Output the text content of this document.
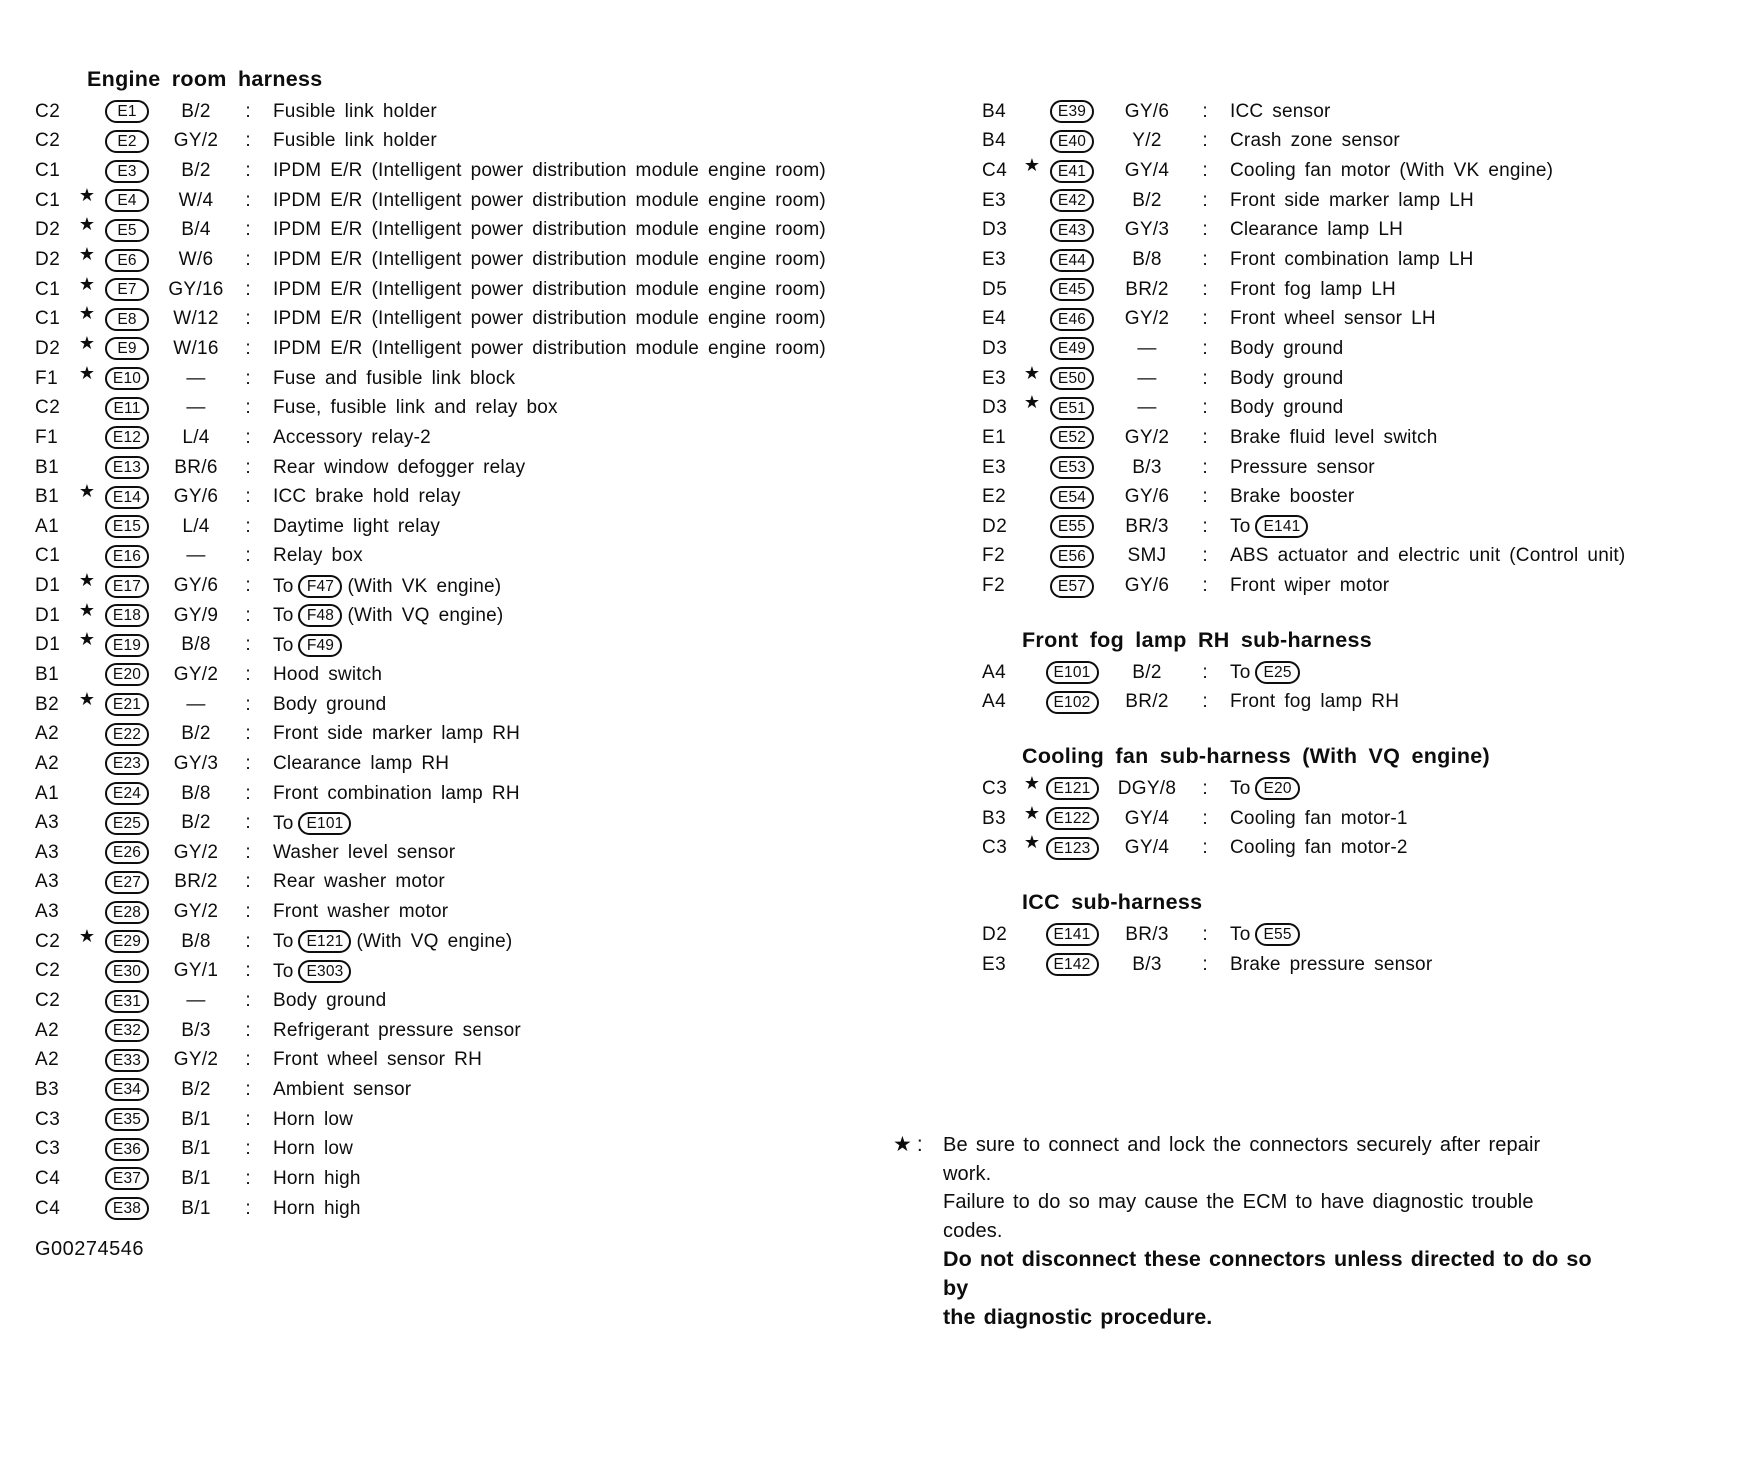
Engine room harness
C2	E1	B/2	:	Fusible link holder
C2	E2	GY/2	:	Fusible link holder
C1	E3	B/2	:	IPDM E/R (Intelligent power distribution module engine room)
C1	★	E4	W/4	:	IPDM E/R (Intelligent power distribution module engine room)
D2	★	E5	B/4	:	IPDM E/R (Intelligent power distribution module engine room)
D2	★	E6	W/6	:	IPDM E/R (Intelligent power distribution module engine room)
C1	★	E7	GY/16	:	IPDM E/R (Intelligent power distribution module engine room)
C1	★	E8	W/12	:	IPDM E/R (Intelligent power distribution module engine room)
D2	★	E9	W/16	:	IPDM E/R (Intelligent power distribution module engine room)
F1	★	E10	—	:	Fuse and fusible link block
C2	E11	—	:	Fuse, fusible link and relay box
F1	E12	L/4	:	Accessory relay-2
B1	E13	BR/6	:	Rear window defogger relay
B1	★	E14	GY/6	:	ICC brake hold relay
A1	E15	L/4	:	Daytime light relay
C1	E16	—	:	Relay box
D1	★	E17	GY/6	:	To F47 (With VK engine)
D1	★	E18	GY/9	:	To F48 (With VQ engine)
D1	★	E19	B/8	:	To F49
B1	E20	GY/2	:	Hood switch
B2	★	E21	—	:	Body ground
A2	E22	B/2	:	Front side marker lamp RH
A2	E23	GY/3	:	Clearance lamp RH
A1	E24	B/8	:	Front combination lamp RH
A3	E25	B/2	:	To E101
A3	E26	GY/2	:	Washer level sensor
A3	E27	BR/2	:	Rear washer motor
A3	E28	GY/2	:	Front washer motor
C2	★	E29	B/8	:	To E121 (With VQ engine)
C2	E30	GY/1	:	To E303
C2	E31	—	:	Body ground
A2	E32	B/3	:	Refrigerant pressure sensor
A2	E33	GY/2	:	Front wheel sensor RH
B3	E34	B/2	:	Ambient sensor
C3	E35	B/1	:	Horn low
C3	E36	B/1	:	Horn low
C4	E37	B/1	:	Horn high
C4	E38	B/1	:	Horn high
B4	E39	GY/6	:	ICC sensor
B4	E40	Y/2	:	Crash zone sensor
C4 ★	E41	GY/4	:	Cooling fan motor (With VK engine)
E3	E42	B/2	:	Front side marker lamp LH
D3	E43	GY/3	:	Clearance lamp LH
E3	E44	B/8	:	Front combination lamp LH
D5	E45	BR/2	:	Front fog lamp LH
E4	E46	GY/2	:	Front wheel sensor LH
D3	E49	—	:	Body ground
E3 ★	E50	—	:	Body ground
D3 ★	E51	—	:	Body ground
E1	E52	GY/2	:	Brake fluid level switch
E3	E53	B/3	:	Pressure sensor
E2	E54	GY/6	:	Brake booster
D2	E55	BR/3	:	To E141
F2	E56	SMJ	:	ABS actuator and electric unit (Control unit)
F2	E57	GY/6	:	Front wiper motor
Front fog lamp RH sub-harness
A4	E101	B/2	:	To E25
A4	E102	BR/2	:	Front fog lamp RH
Cooling fan sub-harness (With VQ engine)
C3 ★ E121	DGY/8	:	To E20
B3 ★ E122	GY/4	:	Cooling fan motor-1
C3 ★ E123	GY/4	:	Cooling fan motor-2
ICC sub-harness
D2	E141	BR/3	:	To E55
E3	E142	B/3	:	Brake pressure sensor
★ :	Be sure to connect and lock the connectors securely after repair work.
Failure to do so may cause the ECM to have diagnostic trouble codes.
Do not disconnect these connectors unless directed to do so by
the diagnostic procedure.
G00274546
